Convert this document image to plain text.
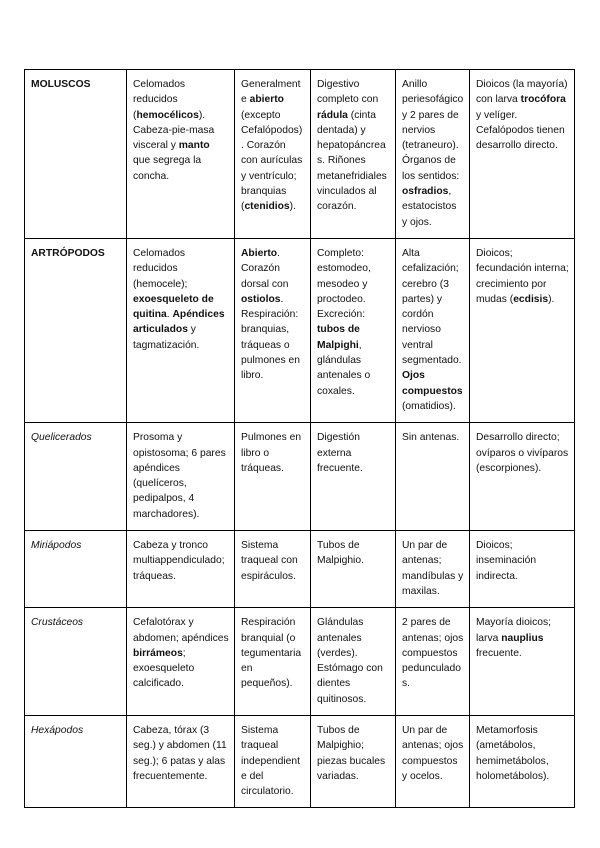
MOLUSCOS	Celomados reducidos (hemocélicos). Cabeza-pie-masa visceral y manto que segrega la concha.	Generalmente abierto (excepto Cefalópodos). Corazón con aurículas y ventrículo; branquias (ctenidios).	Digestivo completo con rádula (cinta dentada) y hepatopáncreas. Riñones metanefridiales vinculados al corazón.	Anillo periesofágico y 2 pares de nervios (tetraneuro). Órganos de los sentidos: osfradios, estatocistos y ojos.	Dioicos (la mayoría) con larva trocófora y velíger. Cefalópodos tienen desarrollo directo.
ARTRÓPODOS	Celomados reducidos (hemocele); exoesqueleto de quitina. Apéndices articulados y tagmatización.	Abierto. Corazón dorsal con ostiolos. Respiración: branquias, tráqueas o pulmones en libro.	Completo: estomodeo, mesodeo y proctodeo. Excreción: tubos de Malpighi, glándulas antenales o coxales.	Alta cefalización; cerebro (3 partes) y cordón nervioso ventral segmentado. Ojos compuestos (omatidios).	Dioicos; fecundación interna; crecimiento por mudas (ecdisis).
Quelicerados	Prosoma y opistosoma; 6 pares apéndices (quelíceros, pedipalpos, 4 marchadores).	Pulmones en libro o tráqueas.	Digestión externa frecuente.	Sin antenas.	Desarrollo directo; ovíparos o vivíparos (escorpiones).
Miriápodos	Cabeza y tronco multiappendiculado; tráqueas.	Sistema traqueal con espiráculos.	Tubos de Malpighio.	Un par de antenas; mandíbulas y maxilas.	Dioicos; inseminación indirecta.
Crustáceos	Cefalotórax y abdomen; apéndices birrámeos; exoesqueleto calcificado.	Respiración branquial (o tegumentaria en pequeños).	Glándulas antenales (verdes). Estómago con dientes quitinosos.	2 pares de antenas; ojos compuestos pedunculados.	Mayoría dioicos; larva nauplius frecuente.
Hexápodos	Cabeza, tórax (3 seg.) y abdomen (11 seg.); 6 patas y alas frecuentemente.	Sistema traqueal independiente del circulatorio.	Tubos de Malpighio; piezas bucales variadas.	Un par de antenas; ojos compuestos y ocelos.	Metamorfosis (ametábolos, hemimetábolos, holometábolos).
